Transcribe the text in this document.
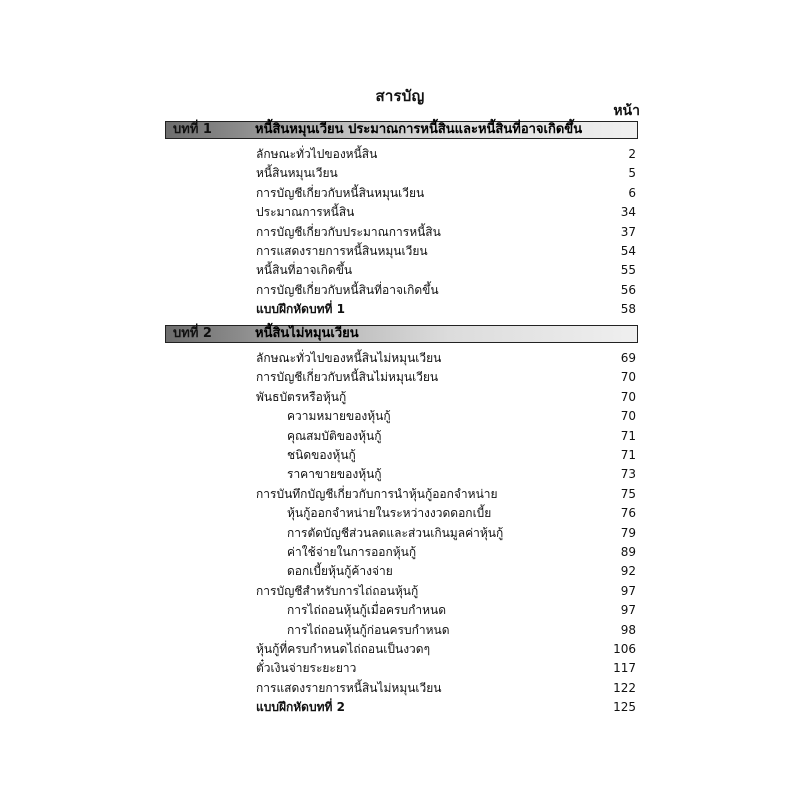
สารบัญ
หน้า
บทที่ 1	หนี้สินหมุนเวียน ประมาณการหนี้สินและหนี้สินที่อาจเกิดขึ้น
ลักษณะทั่วไปของหนี้สิน	2
หนี้สินหมุนเวียน	5
การบัญชีเกี่ยวกับหนี้สินหมุนเวียน	6
ประมาณการหนี้สิน	34
การบัญชีเกี่ยวกับประมาณการหนี้สิน	37
การแสดงรายการหนี้สินหมุนเวียน	54
หนี้สินที่อาจเกิดขึ้น	55
การบัญชีเกี่ยวกับหนี้สินที่อาจเกิดขึ้น	56
แบบฝึกหัดบทที่ 1	58
บทที่ 2	หนี้สินไม่หมุนเวียน
ลักษณะทั่วไปของหนี้สินไม่หมุนเวียน	69
การบัญชีเกี่ยวกับหนี้สินไม่หมุนเวียน	70
พันธบัตรหรือหุ้นกู้	70
ความหมายของหุ้นกู้	70
คุณสมบัติของหุ้นกู้	71
ชนิดของหุ้นกู้	71
ราคาขายของหุ้นกู้	73
การบันทึกบัญชีเกี่ยวกับการนำหุ้นกู้ออกจำหน่าย	75
หุ้นกู้ออกจำหน่ายในระหว่างงวดดอกเบี้ย	76
การตัดบัญชีส่วนลดและส่วนเกินมูลค่าหุ้นกู้	79
ค่าใช้จ่ายในการออกหุ้นกู้	89
ดอกเบี้ยหุ้นกู้ค้างจ่าย	92
การบัญชีสำหรับการไถ่ถอนหุ้นกู้	97
การไถ่ถอนหุ้นกู้เมื่อครบกำหนด	97
การไถ่ถอนหุ้นกู้ก่อนครบกำหนด	98
หุ้นกู้ที่ครบกำหนดไถ่ถอนเป็นงวดๆ	106
ตั๋วเงินจ่ายระยะยาว	117
การแสดงรายการหนี้สินไม่หมุนเวียน	122
แบบฝึกหัดบทที่ 2	125
